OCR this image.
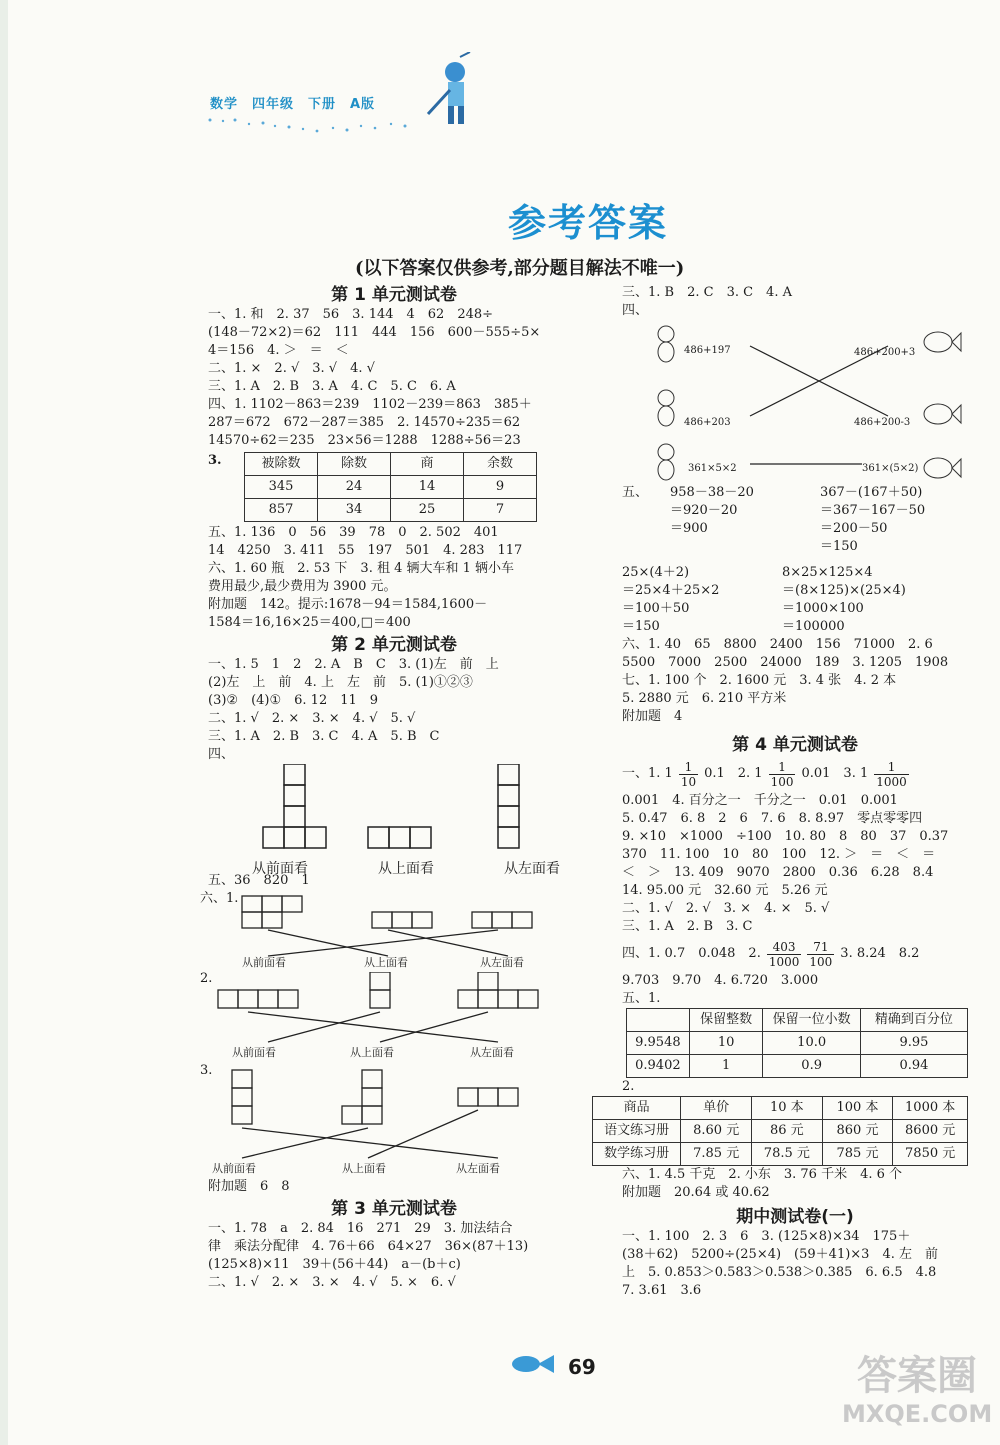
数学　四年级　下册　A版
参考答案
(以下答案仅供参考,部分题目解法不唯一)
第 1 单元测试卷
一、1. 和　2. 37　56　3. 144　4　62　248÷
(148－72×2)＝62　111　444　156　600－555÷5×
4＝156　4. ＞　＝　＜
二、1. ×　2. √　3. √　4. √
三、1. A　2. B　3. A　4. C　5. C　6. A
四、1. 1102－863＝239　1102－239＝863　385＋
287＝672　672－287＝385　2. 14570÷235＝62
14570÷62＝235　23×56＝1288　1288÷56＝23
3.	被除数	除数	商	余数
345	24	14	9
857	34	25	7
五、1. 136　0　56　39　78　0　2. 502　401
14　4250　3. 411　55　197　501　4. 283　117
六、1. 60 瓶　2. 53 下　3. 租 4 辆大车和 1 辆小车
费用最少,最少费用为 3900 元。
附加题　142。提示:1678－94＝1584,1600－
1584＝16,16×25＝400,□＝400
第 2 单元测试卷
一、1. 5　1　2　2. A　B　C　3. (1)左　前　上
(2)左　上　前　4. 上　左　前　5. (1)①②③
(3)②　(4)①　6. 12　11　9
二、1. √　2. ×　3. ×　4. √　5. √
三、1. A　2. B　3. C　4. A　5. B　C
四、
从前面看	从上面看	从左面看
五、36　820　1
六、1.
从前面看	从上面看	从左面看
2.
从前面看	从上面看	从左面看
3.
从前面看	从上面看	从左面看
附加题　6　8
第 3 单元测试卷
一、1. 78　a　2. 84　16　271　29　3. 加法结合
律　乘法分配律　4. 76＋66　64×27　36×(87＋13)
(125×8)×11　39＋(56＋44)　a－(b＋c)
二、1. √　2. ×　3. ×　4. √　5. ×　6. √
三、1. B　2. C　3. C　4. A
四、
486+197
486+203
361×5×2
486+200+3
486+200-3
361×(5×2)
五、	958－38－20
＝920－20
＝900
367－(167＋50)
＝367－167－50
＝200－50
＝150
25×(4＋2)
＝25×4＋25×2
＝100＋50
＝150
8×25×125×4
＝(8×125)×(25×4)
＝1000×100
＝100000
六、1. 40　65　8800　2400　156　71000　2. 6
5500　7000　2500　24000　189　3. 1205　1908
七、1. 100 个　2. 1600 元　3. 4 张　4. 2 本
5. 2880 元　6. 210 平方米
附加题　4
第 4 单元测试卷
一、1. $1 \frac{1}{10} 0.1$　2. $1 \frac{1}{100} 0.01$　3. $1 \frac{1}{1000}$
0.001　4. 百分之一　千分之一　0.01　0.001
5. 0.47　6. 8　2　6　7. 6　8. 8.97　零点零零四
9. ×10　×1000　÷100　10. 80　8　80　37　0.37
370　11. 100　10　80　100　12. ＞　＝　＜　＝
＜　＞　13. 409　9070　2800　0.36　6.28　8.4
14. 95.00 元　32.60 元　5.26 元
二、1. √　2. √　3. ×　4. ×　5. √
三、1. A　2. B　3. C
四、1. 0.7　0.048　2. $\frac{403}{1000} \frac{71}{100} 3$. 8.24　8.2
9.703　9.70　4. 6.720　3.000
五、1.
	保留整数	保留一位小数	精确到百分位
9.9548	10	10.0	9.95
0.9402	1	0.9	0.94
2.
商品	单价	10 本	100 本	1000 本
语文练习册	8.60 元	86 元	860 元	8600 元
数学练习册	7.85 元	78.5 元	785 元	7850 元
六、1. 4.5 千克　2. 小东　3. 76 千米　4. 6 个
附加题　20.64 或 40.62
期中测试卷(一)
一、1. 100　2. 3　6　3. (125×8)×34　175＋
(38＋62)　5200÷(25×4)　(59＋41)×3　4. 左　前
上　5. 0.853＞0.583＞0.538＞0.385　6. 6.5　4.8
7. 3.61　3.6
69	答案圈
MXQE.COM
